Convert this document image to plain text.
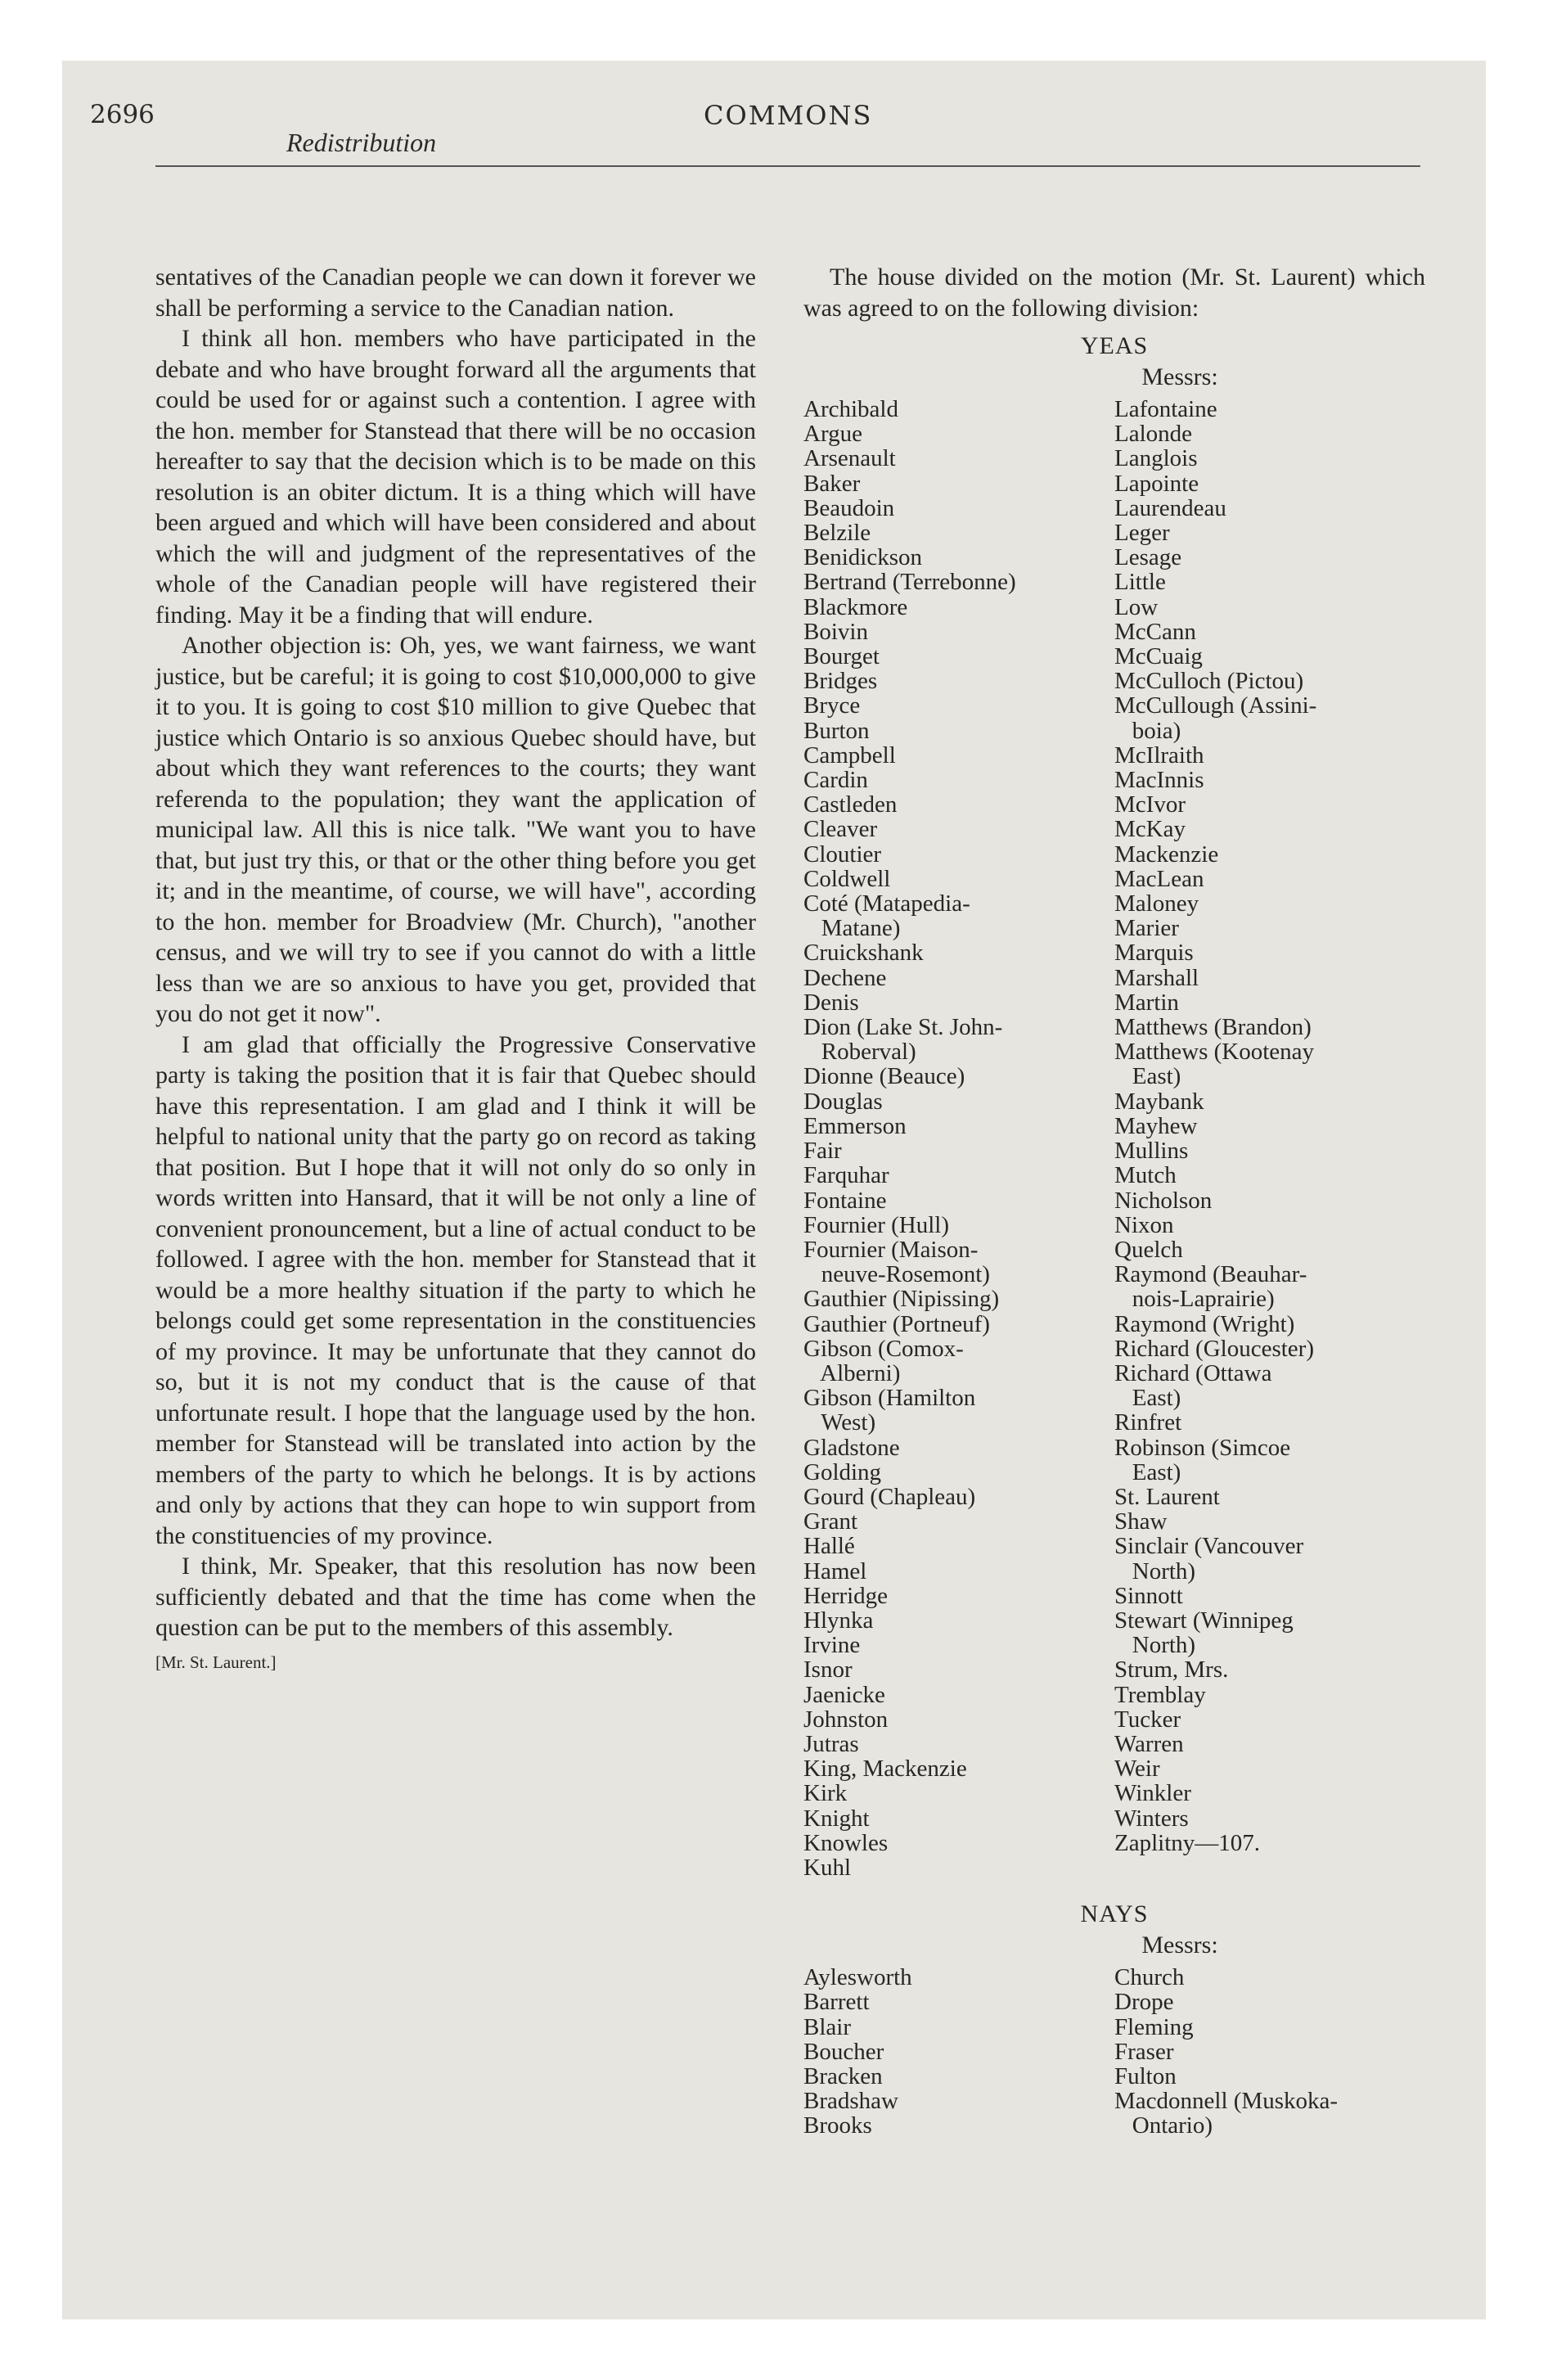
2696	COMMONS
Redistribution

sentatives of the Canadian people we can down it forever we shall be performing a service to the Canadian nation.

I think all hon. members who have participated in the debate and who have brought forward all the arguments that could be used for or against such a contention. I agree with the hon. member for Stanstead that there will be no occasion hereafter to say that the decision which is to be made on this resolution is an obiter dictum. It is a thing which will have been argued and which will have been considered and about which the will and judgment of the representatives of the whole of the Canadian people will have registered their finding. May it be a finding that will endure.

Another objection is: Oh, yes, we want fairness, we want justice, but be careful; it is going to cost $10,000,000 to give it to you. It is going to cost $10 million to give Quebec that justice which Ontario is so anxious Quebec should have, but about which they want references to the courts; they want referenda to the population; they want the application of municipal law. All this is nice talk. "We want you to have that, but just try this, or that or the other thing before you get it; and in the meantime, of course, we will have", according to the hon. member for Broadview (Mr. Church), "another census, and we will try to see if you cannot do with a little less than we are so anxious to have you get, provided that you do not get it now".

I am glad that officially the Progressive Conservative party is taking the position that it is fair that Quebec should have this representation. I am glad and I think it will be helpful to national unity that the party go on record as taking that position. But I hope that it will not only do so only in words written into Hansard, that it will be not only a line of convenient pronouncement, but a line of actual conduct to be followed. I agree with the hon. member for Stanstead that it would be a more healthy situation if the party to which he belongs could get some representation in the constituencies of my province. It may be unfortunate that they cannot do so, but it is not my conduct that is the cause of that unfortunate result. I hope that the language used by the hon. member for Stanstead will be translated into action by the members of the party to which he belongs. It is by actions and only by actions that they can hope to win support from the constituencies of my province.

I think, Mr. Speaker, that this resolution has now been sufficiently debated and that the time has come when the question can be put to the members of this assembly.

[Mr. St. Laurent.]

The house divided on the motion (Mr. St. Laurent) which was agreed to on the following division:

YEAS
Messrs:
Archibald
Argue
Arsenault
Baker
Beaudoin
Belzile
Benidickson
Bertrand (Terrebonne)
Blackmore
Boivin
Bourget
Bridges
Bryce
Burton
Campbell
Cardin
Castleden
Cleaver
Cloutier
Coldwell
Coté (Matapedia-
Matane)
Cruickshank
Dechene
Denis
Dion (Lake St. John-
Roberval)
Dionne (Beauce)
Douglas
Emmerson
Fair
Farquhar
Fontaine
Fournier (Hull)
Fournier (Maison-
neuve-Rosemont)
Gauthier (Nipissing)
Gauthier (Portneuf)
Gibson (Comox-
Alberni)
Gibson (Hamilton
West)
Gladstone
Golding
Gourd (Chapleau)
Grant
Hallé
Hamel
Herridge
Hlynka
Irvine
Isnor
Jaenicke
Johnston
Jutras
King, Mackenzie
Kirk
Knight
Knowles
Kuhl
Lafontaine
Lalonde
Langlois
Lapointe
Laurendeau
Leger
Lesage
Little
Low
McCann
McCuaig
McCulloch (Pictou)
McCullough (Assini-
boia)
McIlraith
MacInnis
McIvor
McKay
Mackenzie
MacLean
Maloney
Marier
Marquis
Marshall
Martin
Matthews (Brandon)
Matthews (Kootenay
East)
Maybank
Mayhew
Mullins
Mutch
Nicholson
Nixon
Quelch
Raymond (Beauhar-
nois-Laprairie)
Raymond (Wright)
Richard (Gloucester)
Richard (Ottawa
East)
Rinfret
Robinson (Simcoe
East)
St. Laurent
Shaw
Sinclair (Vancouver
North)
Sinnott
Stewart (Winnipeg
North)
Strum, Mrs.
Tremblay
Tucker
Warren
Weir
Winkler
Winters
Zaplitny—107.
NAYS
Messrs:
Aylesworth
Barrett
Blair
Boucher
Bracken
Bradshaw
Brooks
Church
Drope
Fleming
Fraser
Fulton
Macdonnell (Muskoka-
Ontario)
